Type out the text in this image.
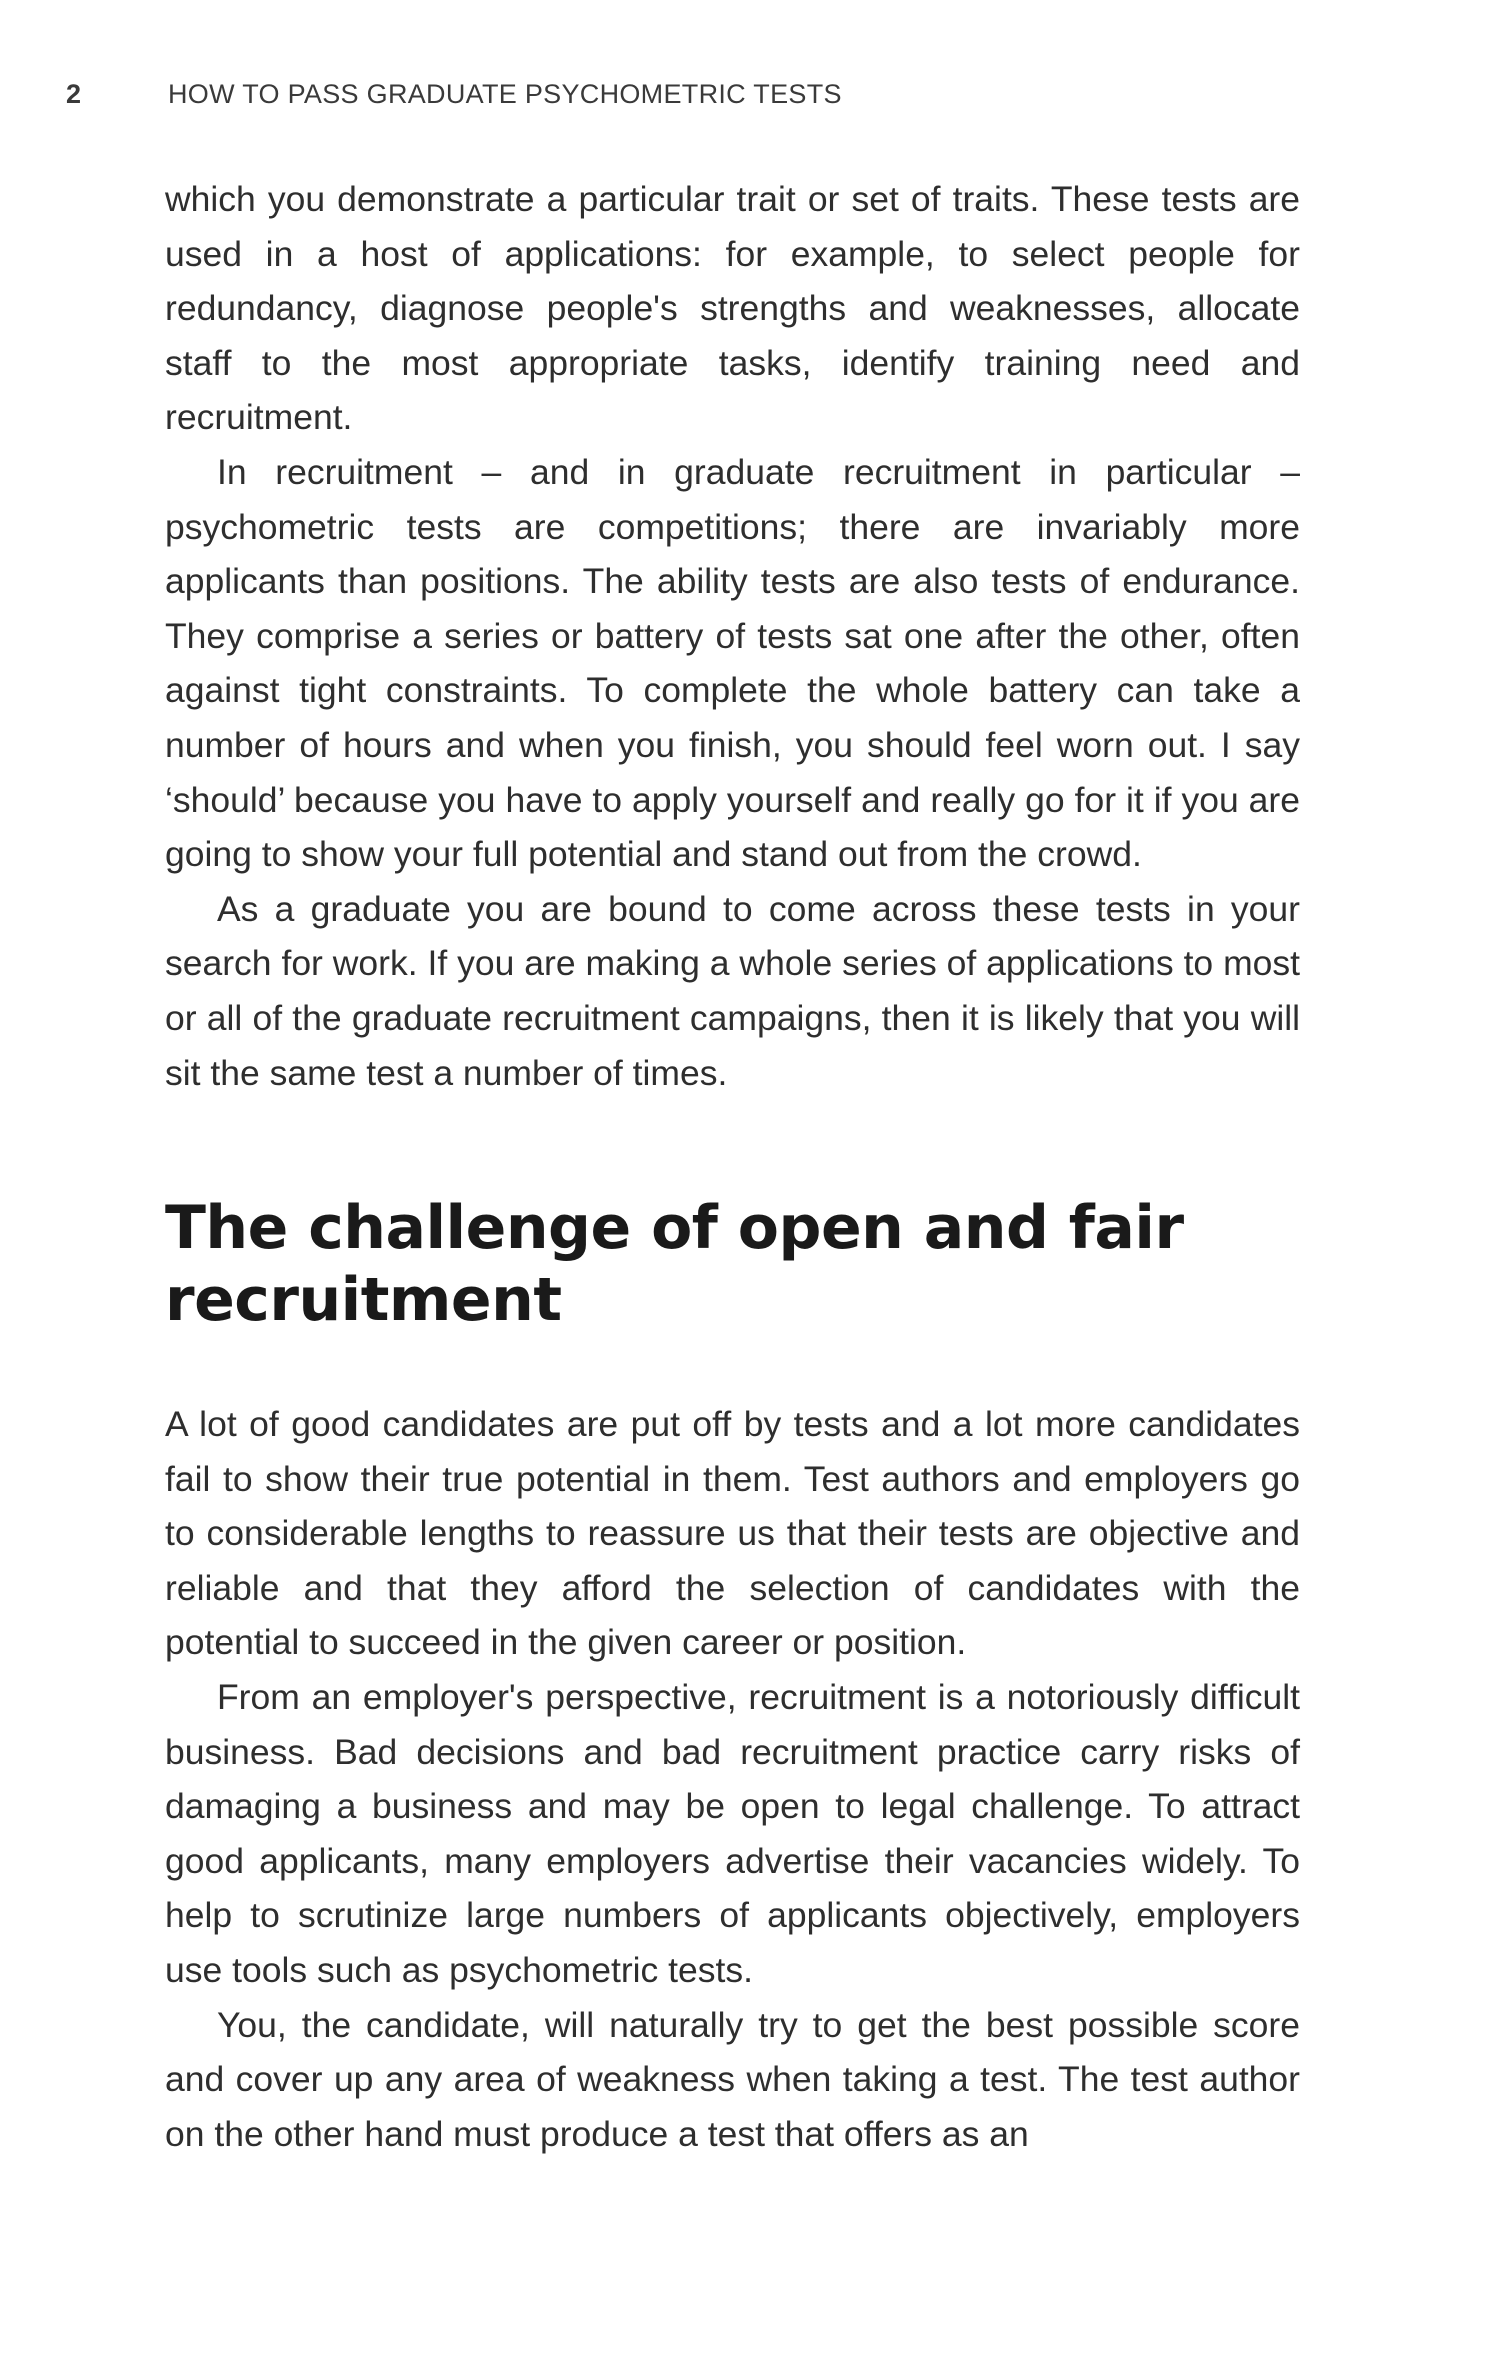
2	HOW TO PASS GRADUATE PSYCHOMETRIC TESTS

which you demonstrate a particular trait or set of traits. These tests are used in a host of applications: for example, to select people for redundancy, diagnose people's strengths and weaknesses, allocate staff to the most appropriate tasks, identify training need and recruitment.

In recruitment – and in graduate recruitment in particular – psychometric tests are competitions; there are invariably more applicants than positions. The ability tests are also tests of endurance. They comprise a series or battery of tests sat one after the other, often against tight constraints. To complete the whole battery can take a number of hours and when you finish, you should feel worn out. I say ‘should’ because you have to apply yourself and really go for it if you are going to show your full potential and stand out from the crowd.

As a graduate you are bound to come across these tests in your search for work. If you are making a whole series of applications to most or all of the graduate recruitment campaigns, then it is likely that you will sit the same test a number of times.

The challenge of open and fair recruitment

A lot of good candidates are put off by tests and a lot more candidates fail to show their true potential in them. Test authors and employers go to considerable lengths to reassure us that their tests are objective and reliable and that they afford the selection of candidates with the potential to succeed in the given career or position.

From an employer's perspective, recruitment is a notoriously difficult business. Bad decisions and bad recruitment practice carry risks of damaging a business and may be open to legal challenge. To attract good applicants, many employers advertise their vacancies widely. To help to scrutinize large numbers of applicants objectively, employers use tools such as psychometric tests.

You, the candidate, will naturally try to get the best possible score and cover up any area of weakness when taking a test. The test author on the other hand must produce a test that offers as an
